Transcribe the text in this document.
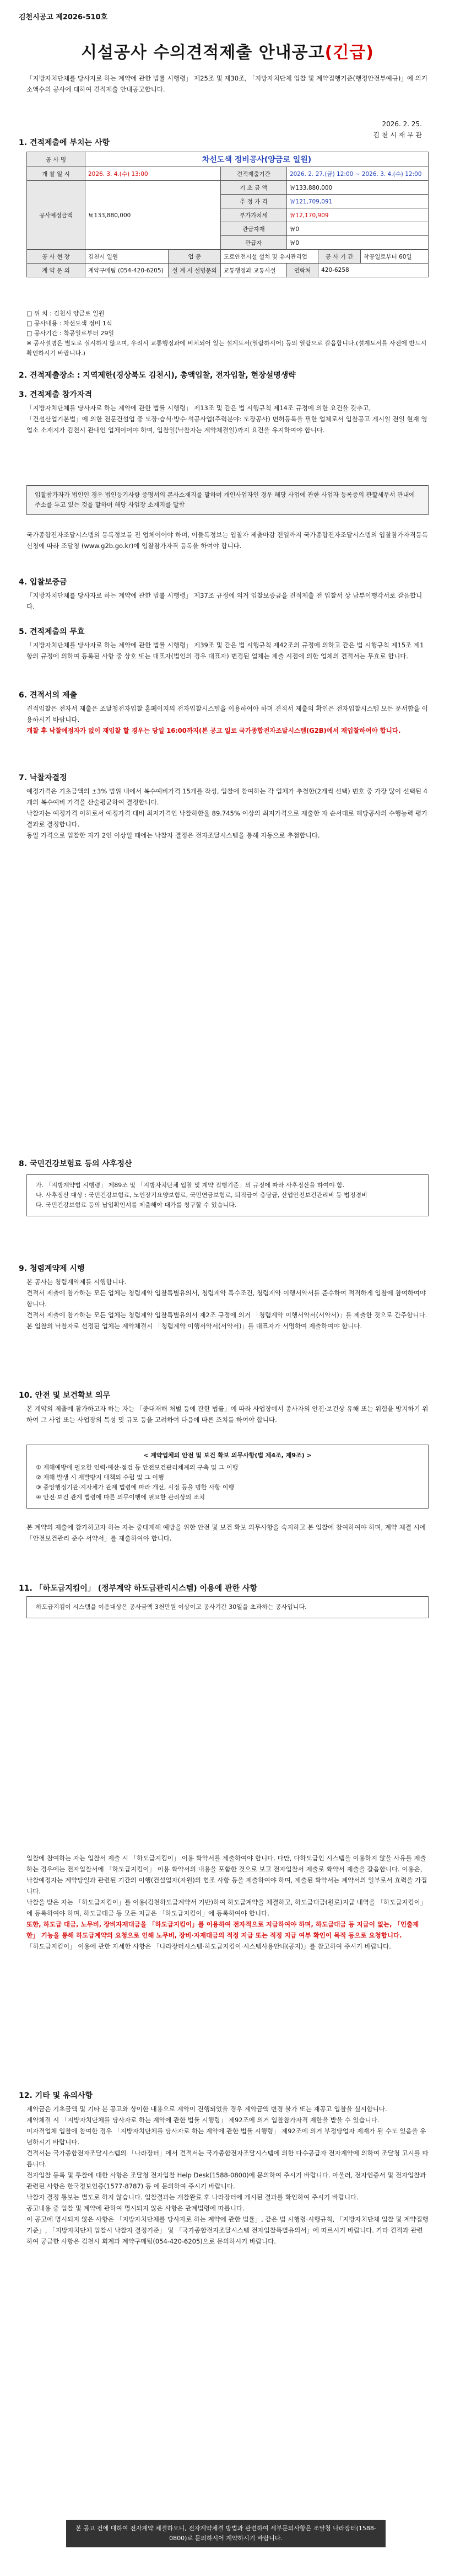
김천시공고 제2026-510호
시설공사 수의견적제출 안내공고(긴급)
「지방자치단체를 당사자로 하는 계약에 관한 법률 시행령」 제25조 및 제30조, 「지방자치단체 입찰 및 계약집행기준(행정안전부예규)」에 의거 소액수의 공사에 대하여 견적제출 안내공고합니다.
2026. 2. 25.
김 천 시 재 무 관
1. 견적제출에 부치는 사항
공 사 명	차선도색 정비공사(양금로 일원)					
개 찰 일 시	2026. 3. 4.(수) 13:00		견적제출기간	2026. 2. 27.(금) 12:00 ~ 2026. 3. 4.(수) 12:00		
공사예정금액	￦133,880,000		기 초 금 액	￦133,880,000		
			추 정 가 격	￦121,709,091		
			부가가치세	￦12,170,909		
			관급자재	￦0		
			관급자	￦0		
공 사 현 장	김천시 일원	업 종	도로안전시설 설치 및 유지관리업		공 사 기 간	착공일로부터 60일
계 약 문 의	계약구매팀 (054-420-6205)	설 계 서 설명문의	교통행정과 교통시설	연락처	420-6258	
□ 위 치 : 김천시 양금로 일원
□ 공사내용 : 차선도색 정비 1식
□ 공사기간 : 착공일로부터 29일
※ 공사설명은 별도로 실시하지 않으며, 우리시 교통행정과에 비치되어 있는 설계도서(열람하시어) 등의 열람으로 갈음합니다.(설계도서를 사전에 반드시 확인하시기 바랍니다.)
2. 견적제출장소 : 지역제한(경상북도 김천시), 총액입찰, 전자입찰, 현장설명생략
3. 견적제출 참가자격
「지방자치단체를 당사자로 하는 계약에 관한 법률 시행령」 제13조 및 같은 법 시행규칙 제14조 규정에 의한 요건을 갖추고,
「건설산업기본법」에 의한 전문건설업 중 도장·습식·방수·석공사업(주력분야: 도장공사) 면허등록을 필한 업체로서 입찰공고 게시일 전일 현재 영업소 소재지가 김천시 관내인 업체이어야 하며, 입찰일(낙찰자는 계약체결일)까지 요건을 유지하여야 합니다.
입찰참가자가 법인인 경우 법인등기사항 증명서의 본사소재지를 말하며 개인사업자인 경우 해당 사업에 관한 사업자 등록증의 관할세무서 관내에 주소를 두고 있는 것을 말하며 해당 사업장 소재지를 말함
국가종합전자조달시스템의 등록정보를 전 업체이어야 하며, 이들록정보는 입찰자 제출마감 전일까지 국가종합전자조달시스템의 입찰참가자격등록신청에 따라 조달청 (www.g2b.go.kr)에 입찰참가자격 등록을 하여야 합니다.
4. 입찰보증금
「지방자치단체를 당사자로 하는 계약에 관한 법률 시행령」 제37조 규정에 의거 입찰보증금을 견적제출 전 입찰서 상 납부이행각서로 갈음합니다.
5. 견적제출의 무효
「지방자치단체를 당사자로 하는 계약에 관한 법률 시행령」 제39조 및 같은 법 시행규칙 제42조의 규정에 의하고 같은 법 시행규칙 제15조 제1항의 규정에 의하여 등록된 사항 중 상호 또는 대표자(법인의 경우 대표자) 변경된 업체는 제출 시점에 의한 업체의 견적서는 무효로 합니다.
6. 견적서의 제출
견적입찰은 전자서 제출은 조달청전자입찰 홈페이지의 전자입찰시스템을 이용하여야 하며 견적서 제출의 확인은 전자입찰시스템 모든 문서함을 이용하시기 바랍니다.
개찰 후 낙찰예정자가 없이 재입찰 할 경우는 당일 16:00까지(본 공고 일로 국가종합전자조달시스템(G2B)에서 재입찰하여야 합니다.
7. 낙찰자결정
예정가격은 기초금액의 ±3% 범위 내에서 복수예비가격 15개를 작성, 입찰에 참여하는 각 업체가 추첨한(2개씩 선택) 번호 중 가장 많이 선택된 4개의 복수예비 가격을 산술평균하여 결정합니다.
낙찰자는 예정가격 이하로서 예정가격 대비 최저가격인 낙찰하한율 89.745% 이상의 최저가격으로 제출한 자 순서대로 해당공사의 수행능력 평가 결과로 결정합니다.
동일 가격으로 입찰한 자가 2인 이상일 때에는 낙찰자 결정은 전자조달시스템을 통해 자동으로 추첨합니다.
8. 국민건강보험료 등의 사후정산
가. 「지방계약법 시행령」 제89조 및 「지방자치단체 입찰 및 계약 집행기준」의 규정에 따라 사후정산을 하여야 함.
나. 사후정산 대상 : 국민건강보험료, 노인장기요양보험료, 국민연금보험료, 퇴직급여 충당금, 산업안전보건관리비 등 법정경비
다. 국민건강보험료 등의 납입확인서를 제출해야 대가를 청구할 수 있습니다.
9. 청렴계약제 시행
본 공사는 청렴계약제를 시행합니다.
견적서 제출에 참가하는 모든 업체는 청렴계약 입찰특별유의서, 청렴계약 특수조건, 청렴계약 이행서약서를 준수하여 적격하게 입찰에 참여하여야 합니다.
견적서 제출에 참가하는 모든 업체는 청렴계약 입찰특별유의서 제2조 규정에 의거 「청렴계약 이행서약서(서약서)」를 제출한 것으로 간주합니다.
본 입찰의 낙찰자로 선정된 업체는 계약체결시 「청렴계약 이행서약서(서약서)」를 대표자가 서명하여 제출하여야 합니다.
10. 안전 및 보건확보 의무
본 계약의 제출에 참가하고자 하는 자는 「중대재해 처벌 등에 관한 법률」에 따라 사업장에서 종사자의 안전·보건상 유해 또는 위험을 방지하기 위하여 그 사업 또는 사업장의 특성 및 규모 등을 고려하여 다음에 따른 조치를 하여야 합니다.
< 계약업체의 안전 및 보건 확보 의무사항(법 제4조, 제9조) >
① 재해예방에 필요한 인력·예산·점검 등 안전보건관리체계의 구축 및 그 이행
② 재해 발생 시 재발방지 대책의 수립 및 그 이행
③ 중앙행정기관·지자체가 관계 법령에 따라 개선, 시정 등을 명한 사항 이행
④ 안전·보건 관계 법령에 따른 의무이행에 필요한 관리상의 조치
본 계약의 제출에 참가하고자 하는 자는 중대재해 예방을 위한 안전 및 보건 확보 의무사항을 숙지하고 본 입찰에 참여하여야 하며, 계약 체결 시에 「안전보건관리 준수 서약서」를 제출하여야 합니다.
11. 「하도급지킴이」 (정부계약 하도급관리시스템) 이용에 관한 사항
하도급지킴이 시스템을 이용대상은 공사금액 3천만원 이상이고 공사기간 30일을 초과하는 공사입니다.
입찰에 참여하는 자는 입찰서 제출 시 「하도급지킴이」 이용 확약서를 제출하여야 합니다. 다만, 다하도급인 시스템을 이용하지 않을 사유를 제출하는 경우에는 전자입찰서에 「하도급지킴이」 이용 확약서의 내용을 포함한 것으로 보고 전자입찰서 제출로 확약서 제출을 갈음합니다. 이용은, 낙찰예정자는 계약당일과 관련된 기간의 이행(건설업자(자원)의 협조 사항 등을 제출하여야 하며, 제출된 확약서는 계약서의 일부로서 효력을 가집니다.
낙찰을 받은 자는 「하도급지킴이」를 이용(김천하도급계약서 기반)하여 하도급계약을 체결하고, 하도급대금(원료)지급 내역을 「하도급지킴이」에 등록하여야 하며, 하도급대금 등 모든 지급은 「하도급지킴이」에 등록하여야 합니다.
또한, 하도급 대금, 노무비, 장비자재대금을 「하도급지킴이」를 이용하여 전자적으로 지급하여야 하며, 하도급대금 등 지급이 없는, 「인출제한」 기능을 통해 하도급계약의 요청으로 인해 노무비, 장비·자재대금의 적정 지급 또는 적정 지급 여부 확인이 목적 등으로 요청합니다.
「하도급지킴이」 이용에 관한 자세한 사항은 「나라장터시스템·하도급지킴이·시스템사용안내(공지)」를 참고하여 주시기 바랍니다.
12. 기타 및 유의사항
계약금은 기초금액 및 기타 본 공고와 상이한 내용으로 계약이 진행되었을 경우 계약금액 변경 불가 또는 재공고 입찰을 실시합니다.
계약체결 시 「지방자치단체를 당사자로 하는 계약에 관한 법률 시행령」 제92조에 의거 입찰참가자격 제한을 받을 수 있습니다.
미자격업체 입찰에 참여한 경우 「지방자치단체를 당사자로 하는 계약에 관한 법률 시행령」 제92조에 의거 부정당업자 제재가 될 수도 있음을 유념하시기 바랍니다.
견적서는 국가종합전자조달시스템의 「나라장터」에서 견적서는 국가종합전자조달시스템에 의한 다수공급자 전자계약에 의하여 조달청 고시를 따릅니다.
전자입찰 등록 및 투찰에 대한 사항은 조달청 전자입찰 Help Desk(1588-0800)에 문의하여 주시기 바랍니다. 아울러, 전자인증서 및 전자입찰과 관련된 사항은 한국정보인증(1577-8787) 등 에 문의하여 주시기 바랍니다.
낙찰자 결정 통보는 별도로 하지 않습니다. 입찰결과는 개찰완료 후 나라장터에 게시된 결과를 확인하여 주시기 바랍니다.
공고내용 중 입찰 및 계약에 관하여 명시되지 않은 사항은 관계법령에 따릅니다.
이 공고에 명시되지 않은 사항은 「지방자치단체를 당사자로 하는 계약에 관한 법률」, 같은 법 시행령·시행규칙, 「지방자치단체 입찰 및 계약집행기준」, 「지방자치단체 입찰시 낙찰자 결정기준」 및 「국가종합전자조달시스템 전자입찰특별유의서」에 따르시기 바랍니다. 기타 견적과 관련하여 궁금한 사항은 김천시 회계과 계약구매팀(054-420-6205)으로 문의하시기 바랍니다.
본 공고 건에 대하여 전자계약 체결하오니, 전자계약체결 방법과 관련하여 세부문의사항은 조달청 나라장터(1588-0800)로 문의하시어 계약하시기 바랍니다.
